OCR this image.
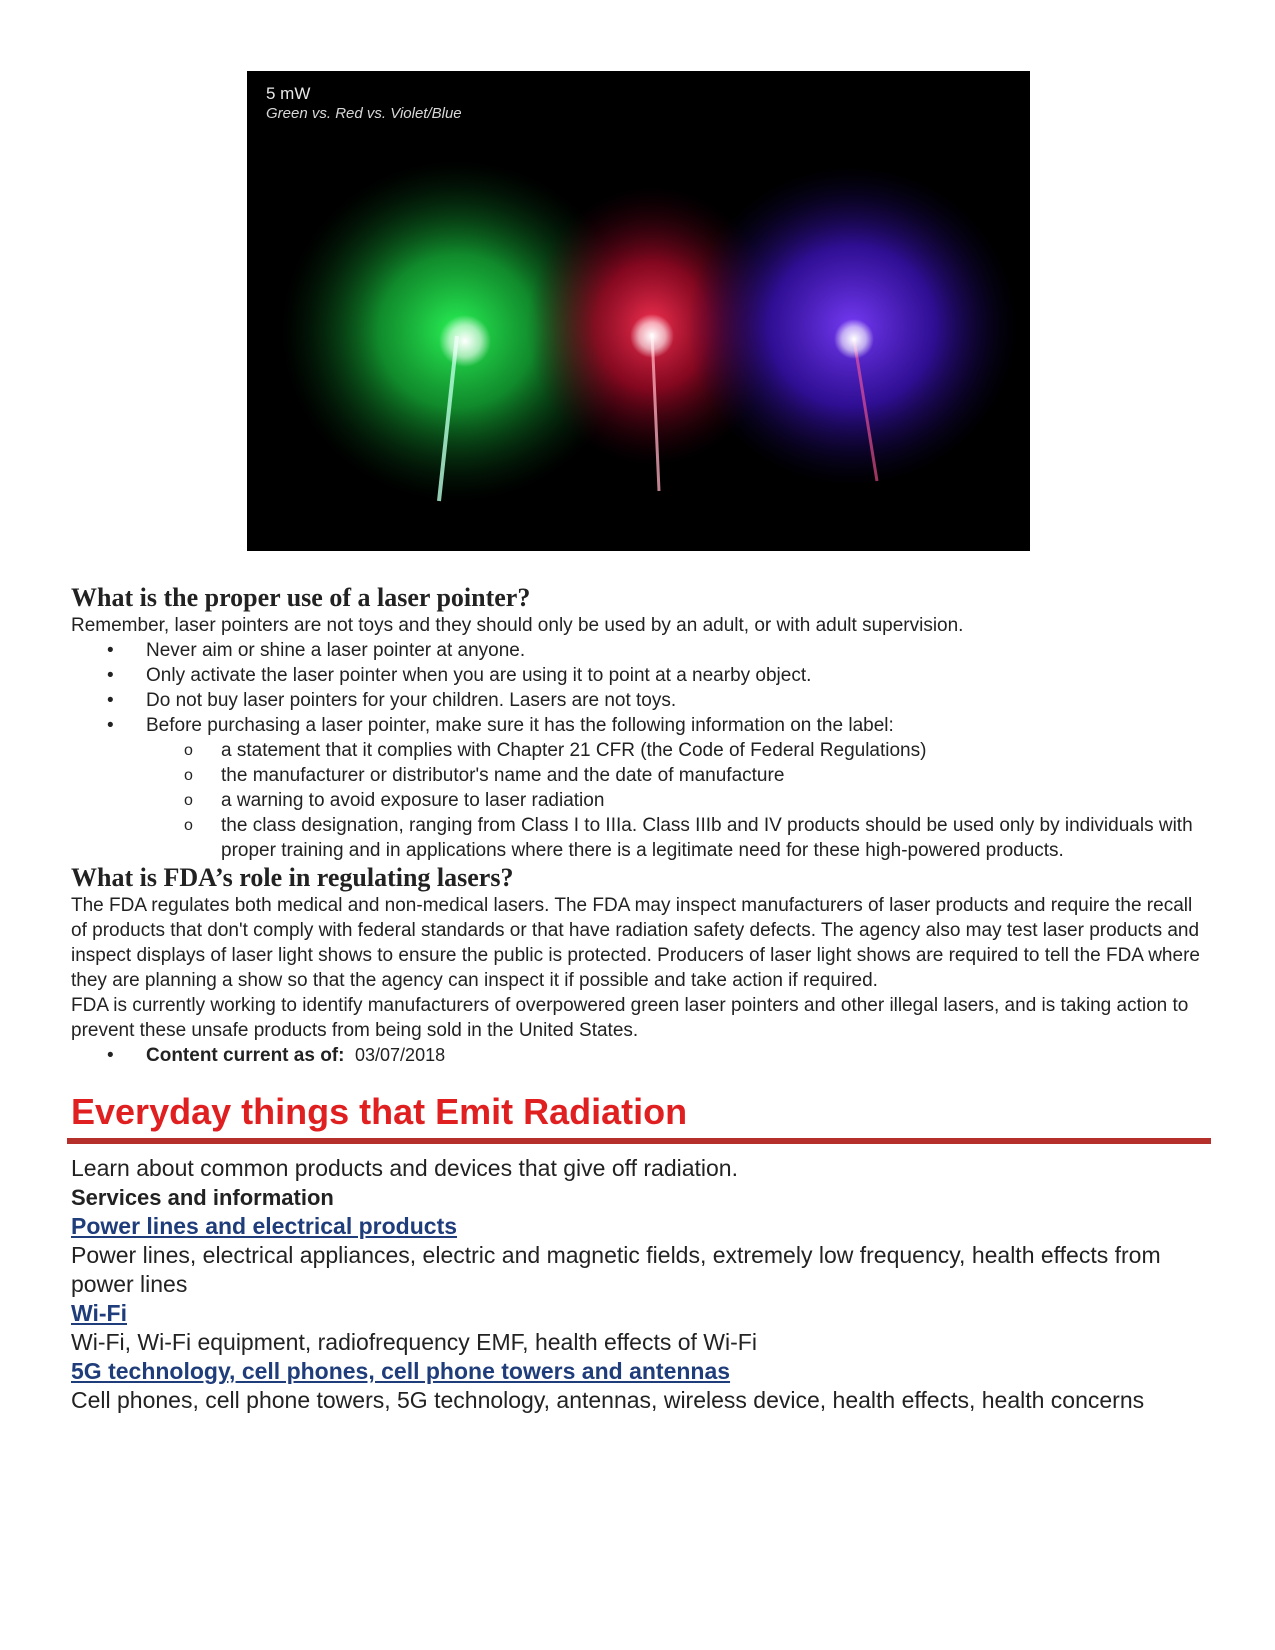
5 mW
Green vs. Red vs. Violet/Blue
What is the proper use of a laser pointer?

Remember, laser pointers are not toys and they should only be used by an adult, or with adult supervision.

• Never aim or shine a laser pointer at anyone.
• Only activate the laser pointer when you are using it to point at a nearby object.
• Do not buy laser pointers for your children. Lasers are not toys.
• Before purchasing a laser pointer, make sure it has the following information on the label:
o a statement that it complies with Chapter 21 CFR (the Code of Federal Regulations)
o the manufacturer or distributor's name and the date of manufacture
o a warning to avoid exposure to laser radiation
o the class designation, ranging from Class I to IIIa. Class IIIb and IV products should be used only by individuals with proper training and in applications where there is a legitimate need for these high-powered products.
What is FDA’s role in regulating lasers?

The FDA regulates both medical and non-medical lasers. The FDA may inspect manufacturers of laser products and require the recall of products that don't comply with federal standards or that have radiation safety defects. The agency also may test laser products and inspect displays of laser light shows to ensure the public is protected. Producers of laser light shows are required to tell the FDA where they are planning a show so that the agency can inspect it if possible and take action if required.

FDA is currently working to identify manufacturers of overpowered green laser pointers and other illegal lasers, and is taking action to prevent these unsafe products from being sold in the United States.

• Content current as of: 03/07/2018
Everyday things that Emit Radiation

Learn about common products and devices that give off radiation.

Services and information

Power lines and electrical products

Power lines, electrical appliances, electric and magnetic fields, extremely low frequency, health effects from power lines

Wi-Fi

Wi-Fi, Wi-Fi equipment, radiofrequency EMF, health effects of Wi-Fi

5G technology, cell phones, cell phone towers and antennas

Cell phones, cell phone towers, 5G technology, antennas, wireless device, health effects, health concerns
